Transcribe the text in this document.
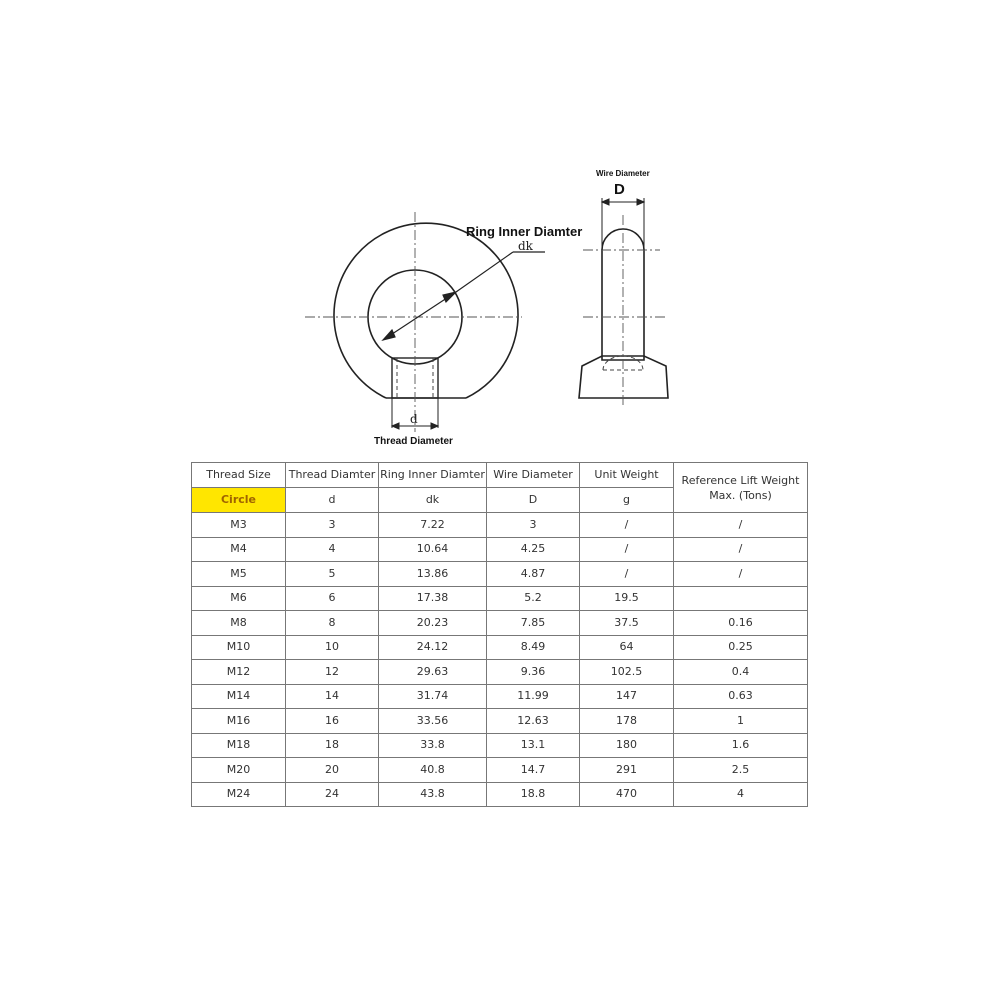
Ring Inner Diamter
dk
d
Thread Diameter
Wire Diameter
D
Thread Size	Thread Diamter	Ring Inner Diamter	Wire Diameter	Unit Weight	Reference Lift Weight
Max. (Tons)

Circle	d	dk	D	g	
M3	3	7.22	3	/	/
M4	4	10.64	4.25	/	/
M5	5	13.86	4.87	/	/
M6	6	17.38	5.2	19.5	
M8	8	20.23	7.85	37.5	0.16
M10	10	24.12	8.49	64	0.25
M12	12	29.63	9.36	102.5	0.4
M14	14	31.74	11.99	147	0.63
M16	16	33.56	12.63	178	1
M18	18	33.8	13.1	180	1.6
M20	20	40.8	14.7	291	2.5
M24	24	43.8	18.8	470	4
